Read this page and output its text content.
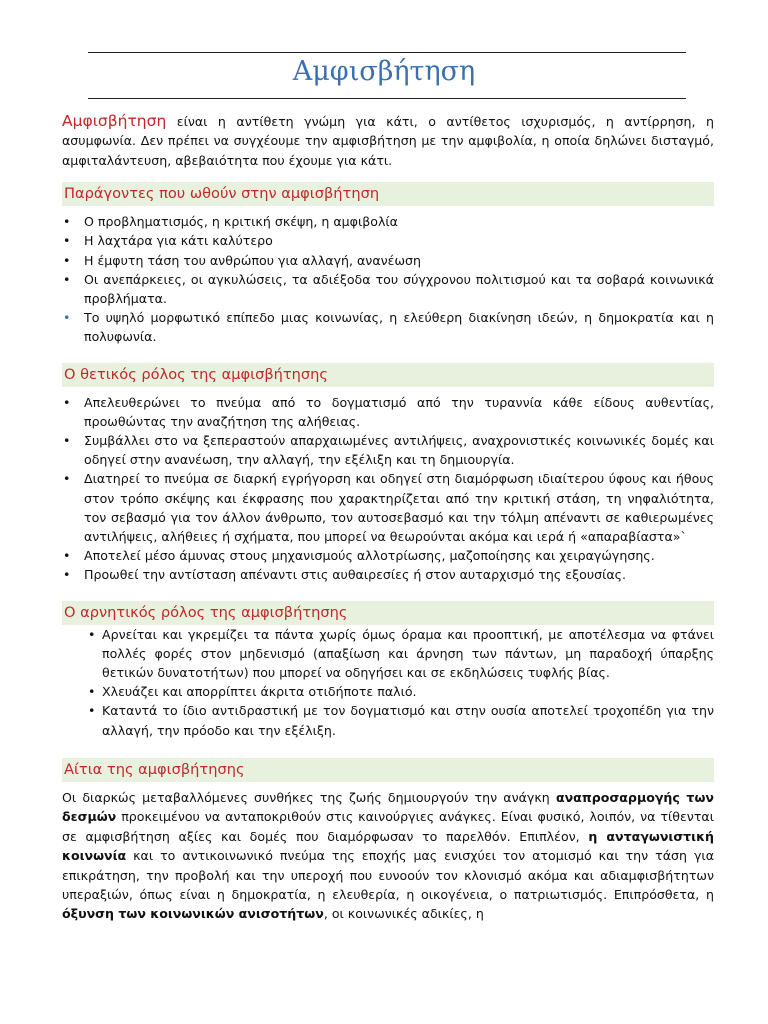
Αμφισβήτηση

Αμφισβήτηση είναι η αντίθετη γνώμη για κάτι, ο αντίθετος ισχυρισμός, η αντίρρηση, η ασυμφωνία. Δεν πρέπει να συγχέουμε την αμφισβήτηση με την αμφιβολία, η οποία δηλώνει δισταγμό, αμφιταλάντευση, αβεβαιότητα που έχουμε για κάτι.

Παράγοντες που ωθούν στην αμφισβήτηση
• Ο προβληματισμός, η κριτική σκέψη, η αμφιβολία
• Η λαχτάρα για κάτι καλύτερο
• Η έμφυτη τάση του ανθρώπου για αλλαγή, ανανέωση
• Οι ανεπάρκειες, οι αγκυλώσεις, τα αδιέξοδα του σύγχρονου πολιτισμού και τα σοβαρά κοινωνικά προβλήματα.
• Το υψηλό μορφωτικό επίπεδο μιας κοινωνίας, η ελεύθερη διακίνηση ιδεών, η δημοκρατία και η πολυφωνία.
Ο θετικός ρόλος της αμφισβήτησης
• Απελευθερώνει το πνεύμα από το δογματισμό από την τυραννία κάθε είδους αυθεντίας, προωθώντας την αναζήτηση της αλήθειας.
• Συμβάλλει στο να ξεπεραστούν απαρχαιωμένες αντιλήψεις, αναχρονιστικές κοινωνικές δομές και οδηγεί στην ανανέωση, την αλλαγή, την εξέλιξη και τη δημιουργία.
• Διατηρεί το πνεύμα σε διαρκή εγρήγορση και οδηγεί στη διαμόρφωση ιδιαίτερου ύφους και ήθους στον τρόπο σκέψης και έκφρασης που χαρακτηρίζεται από την κριτική στάση, τη νηφαλιότητα, τον σεβασμό για τον άλλον άνθρωπο, τον αυτοσεβασμό και την τόλμη απέναντι σε καθιερωμένες αντιλήψεις, αλήθειες ή σχήματα, που μπορεί να θεωρούνται ακόμα και ιερά ή «απαραβίαστα»`
• Αποτελεί μέσο άμυνας στους μηχανισμούς αλλοτρίωσης, μαζοποίησης και χειραγώγησης.
• Προωθεί την αντίσταση απέναντι στις αυθαιρεσίες ή στον αυταρχισμό της εξουσίας.
Ο αρνητικός ρόλος της αμφισβήτησης
• Αρνείται και γκρεμίζει τα πάντα χωρίς όμως όραμα και προοπτική, με αποτέλεσμα να φτάνει πολλές φορές στον μηδενισμό (απαξίωση και άρνηση των πάντων, μη παραδοχή ύπαρξης θετικών δυνατοτήτων) που μπορεί να οδηγήσει και σε εκδηλώσεις τυφλής βίας.
• Χλευάζει και απορρίπτει άκριτα οτιδήποτε παλιό.
• Καταντά το ίδιο αντιδραστική με τον δογματισμό και στην ουσία αποτελεί τροχοπέδη για την αλλαγή, την πρόοδο και την εξέλιξη.
Αίτια της αμφισβήτησης

Οι διαρκώς μεταβαλλόμενες συνθήκες της ζωής δημιουργούν την ανάγκη αναπροσαρμογής των δεσμών προκειμένου να ανταποκριθούν στις καινούργιες ανάγκες. Είναι φυσικό, λοιπόν, να τίθενται σε αμφισβήτηση αξίες και δομές που διαμόρφωσαν το παρελθόν. Επιπλέον, η ανταγωνιστική κοινωνία και το αντικοινωνικό πνεύμα της εποχής μας ενισχύει τον ατομισμό και την τάση για επικράτηση, την προβολή και την υπεροχή που ευνοούν τον κλονισμό ακόμα και αδιαμφισβήτητων υπεραξιών, όπως είναι η δημοκρατία, η ελευθερία, η οικογένεια, ο πατριωτισμός. Επιπρόσθετα, η όξυνση των κοινωνικών ανισοτήτων, οι κοινωνικές αδικίες, η
